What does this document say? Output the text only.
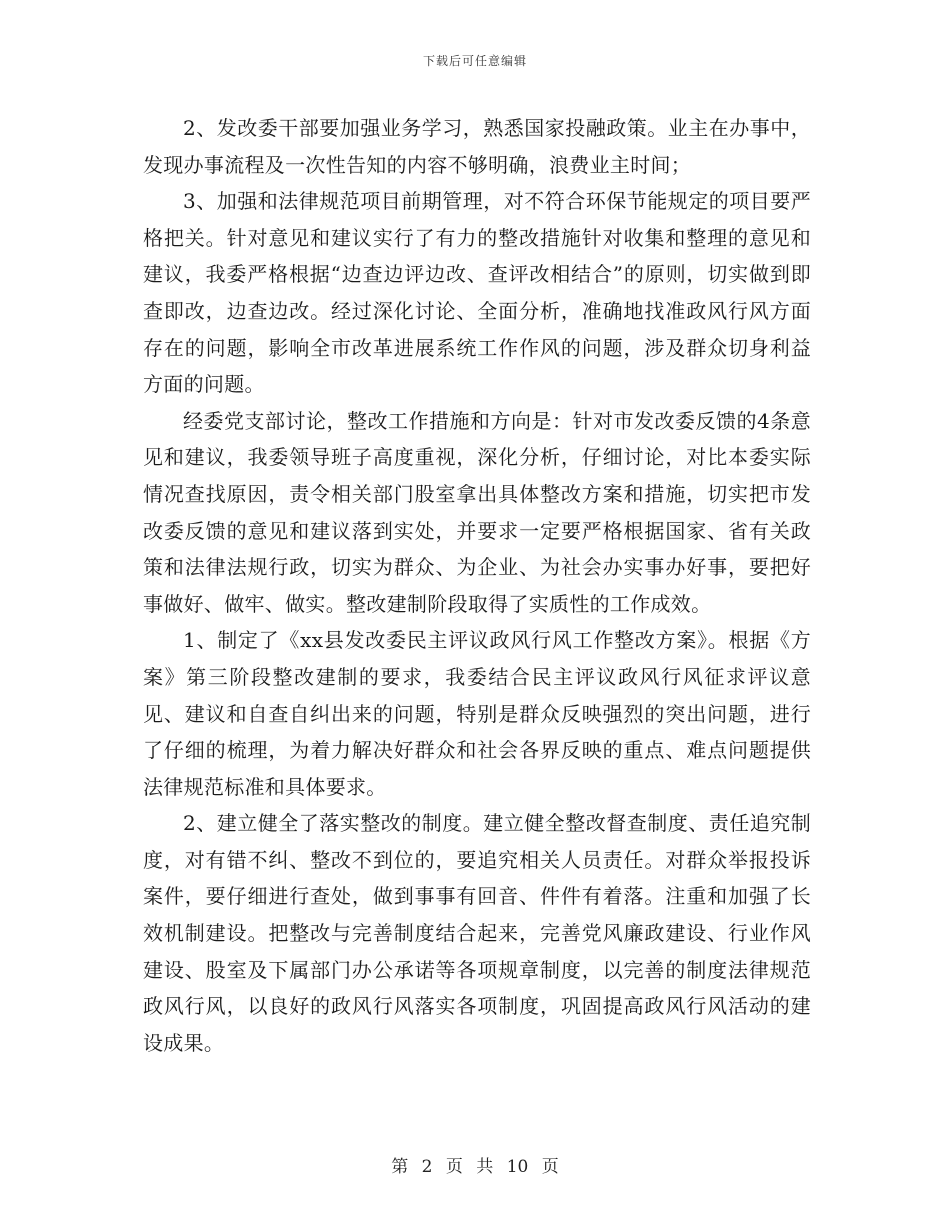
下载后可任意编辑

2、发改委干部要加强业务学习，熟悉国家投融政策。业主在办事中，发现办事流程及一次性告知的内容不够明确，浪费业主时间；

3、加强和法律规范项目前期管理，对不符合环保节能规定的项目要严格把关。针对意见和建议实行了有力的整改措施针对收集和整理的意见和建议，我委严格根据“边查边评边改、查评改相结合”的原则，切实做到即查即改，边查边改。经过深化讨论、全面分析，准确地找准政风行风方面存在的问题，影响全市改革进展系统工作作风的问题，涉及群众切身利益方面的问题。

经委党支部讨论，整改工作措施和方向是：针对市发改委反馈的4条意见和建议，我委领导班子高度重视，深化分析，仔细讨论，对比本委实际情况查找原因，责令相关部门股室拿出具体整改方案和措施，切实把市发改委反馈的意见和建议落到实处，并要求一定要严格根据国家、省有关政策和法律法规行政，切实为群众、为企业、为社会办实事办好事，要把好事做好、做牢、做实。整改建制阶段取得了实质性的工作成效。

1、制定了《xx县发改委民主评议政风行风工作整改方案》。根据《方案》第三阶段整改建制的要求，我委结合民主评议政风行风征求评议意见、建议和自查自纠出来的问题，特别是群众反映强烈的突出问题，进行了仔细的梳理，为着力解决好群众和社会各界反映的重点、难点问题提供法律规范标准和具体要求。

2、建立健全了落实整改的制度。建立健全整改督查制度、责任追究制度，对有错不纠、整改不到位的，要追究相关人员责任。对群众举报投诉案件，要仔细进行查处，做到事事有回音、件件有着落。注重和加强了长效机制建设。把整改与完善制度结合起来，完善党风廉政建设、行业作风建设、股室及下属部门办公承诺等各项规章制度，以完善的制度法律规范政风行风，以良好的政风行风落实各项制度，巩固提高政风行风活动的建设成果。

第 2 页 共 10 页
